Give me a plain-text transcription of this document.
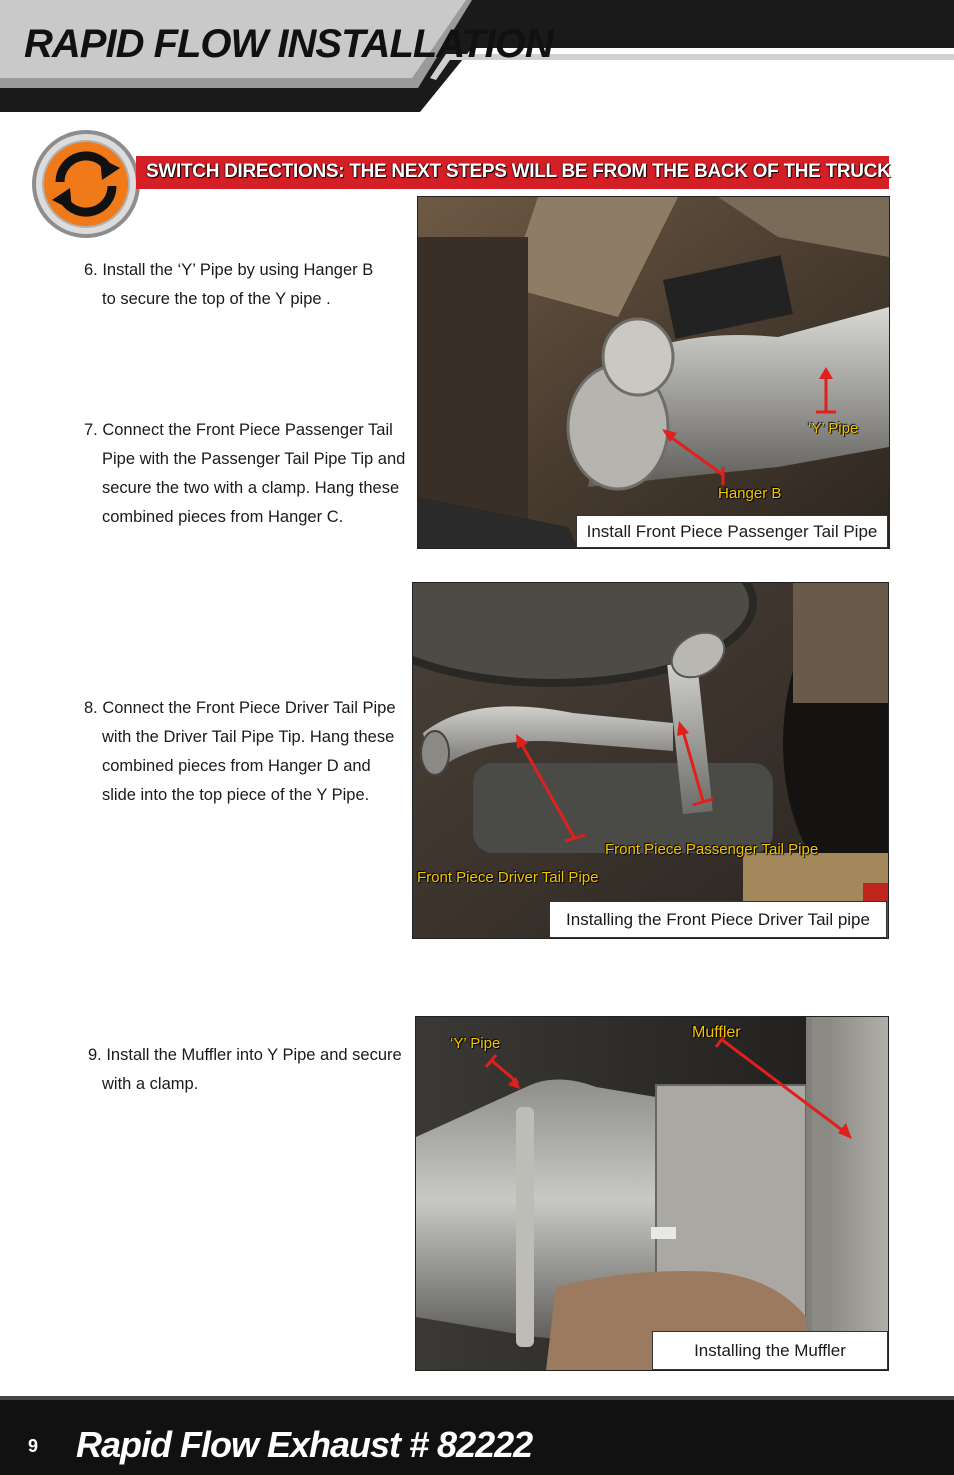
RAPID FLOW INSTALLATION
SWITCH DIRECTIONS: THE NEXT STEPS WILL BE FROM THE BACK OF THE TRUCK
6. Install the ‘Y’ Pipe by using Hanger B
to secure the top of the Y pipe .
7. Connect the Front Piece Passenger Tail
Pipe with the Passenger Tail Pipe Tip and
secure the two with a clamp. Hang these
combined pieces from Hanger C.
8. Connect the Front Piece Driver Tail Pipe
with the Driver Tail Pipe Tip. Hang these
combined pieces from Hanger D and
slide into the top piece of the Y Pipe.
9. Install the Muffler into Y Pipe and secure
with a clamp.
‘Y’ Pipe
Hanger B
Install Front Piece Passenger Tail Pipe
Front Piece Passenger Tail Pipe
Front Piece Driver Tail Pipe
Installing the Front Piece Driver Tail pipe
‘Y’ Pipe
Muffler
Installing the Muffler
9 Rapid Flow Exhaust # 82222
